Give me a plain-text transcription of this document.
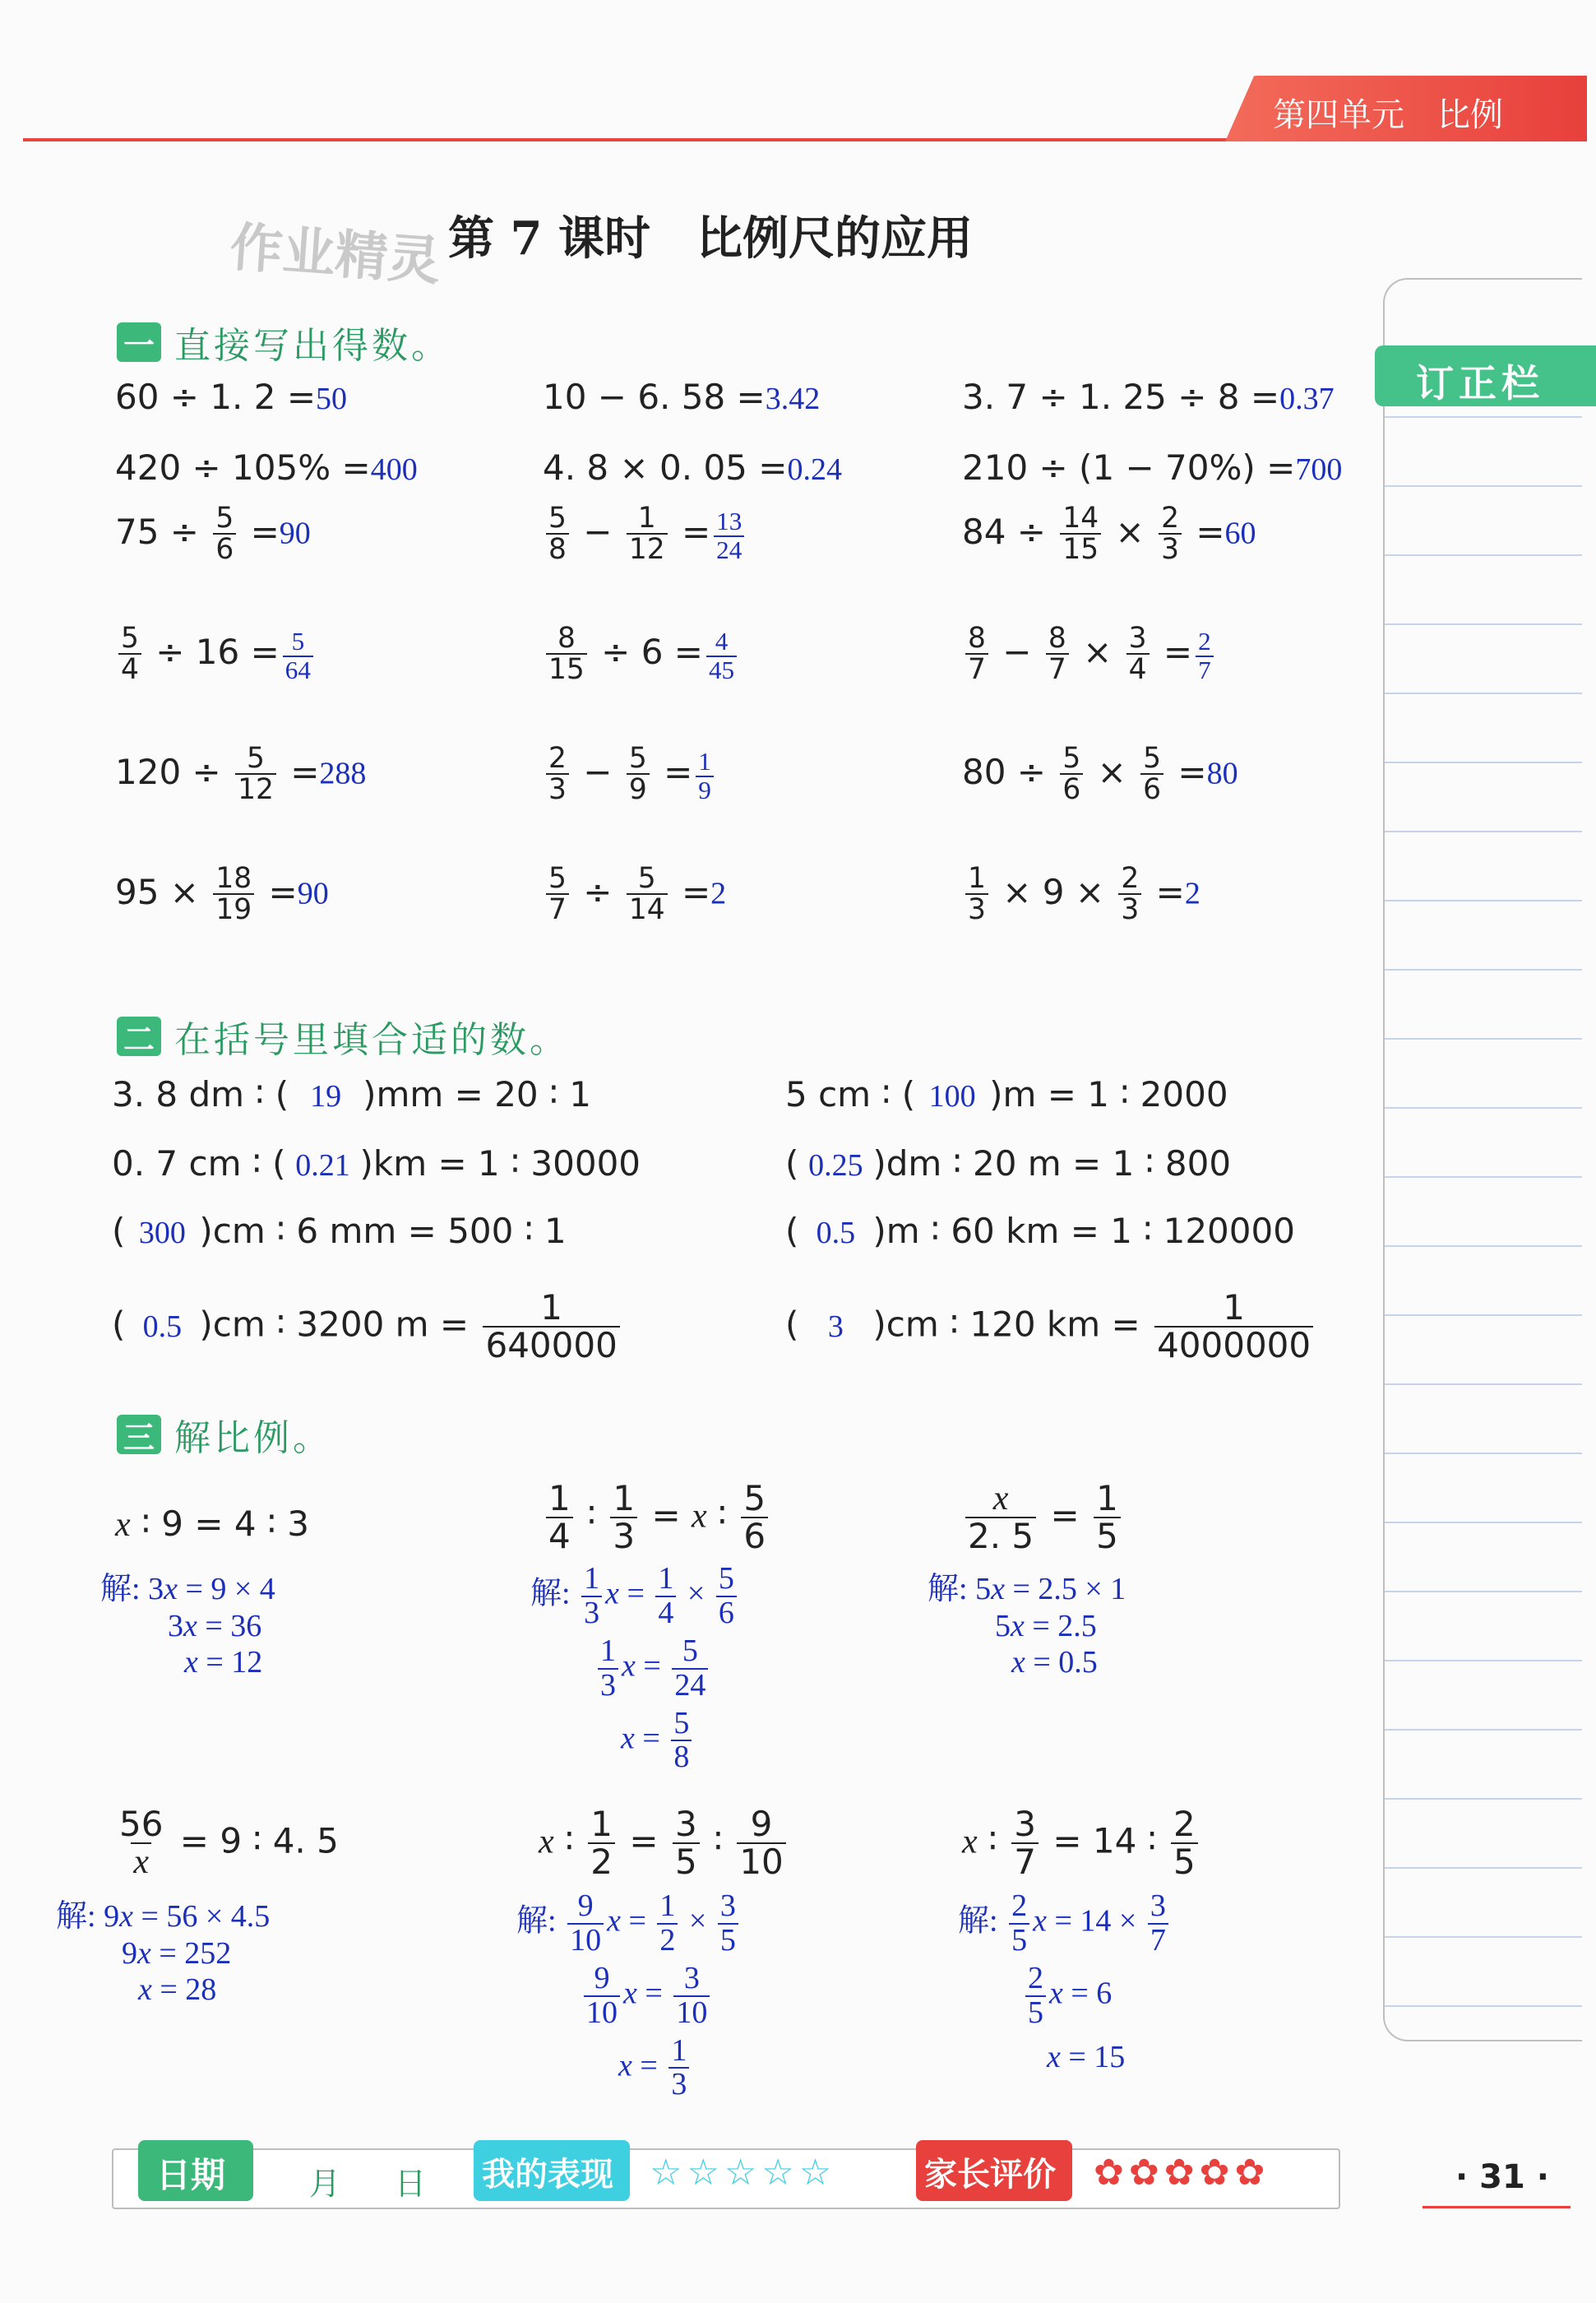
第四单元　比例
作业精灵 第 7 课时　比例尺的应用
订正栏
一 直接写出得数。
60 ÷ 1. 2 =50	10 − 6. 58 =3.42	3. 7 ÷ 1. 25 ÷ 8 =0.37
420 ÷ 105% =400	4. 8 × 0. 05 =0.24	210 ÷ (1 − 70%) =700
$75 \div \frac{5}{6} =90$	$\frac{5}{8} - \frac{1}{12} = \frac{13}{24}$	$84 \div \frac{14}{15} \times \frac{2}{3} =60$
$\frac{5}{4} \div 16 = \frac{5}{64}$	$\frac{8}{15} \div 6 = \frac{4}{45}$	$\frac{8}{7} - \frac{8}{7} \times \frac{3}{4} = \frac{2}{7}$
$120 \div \frac{5}{12} =288$	$\frac{2}{3} - \frac{5}{9} = \frac{1}{9}$	$80 \div \frac{5}{6} \times \frac{5}{6} =80$
$95 \times \frac{18}{19} =90$	$\frac{5}{7} \div \frac{5}{14} =2$	$\frac{1}{3} \times 9 \times \frac{2}{3} =2$
二 在括号里填合适的数。
3. 8 dm ∶ ( 19 )mm = 20 ∶ 1	5 cm ∶ ( 100 )m = 1 ∶ 2000
0. 7 cm ∶ ( 0.21 )km = 1 ∶ 30000	( 0.25 )dm ∶ 20 m = 1 ∶ 800
( 300 )cm ∶ 6 mm = 500 ∶ 1	( 0.5 )m ∶ 60 km = 1 ∶ 120000
( 0.5 )cm ∶ 3200 $m = \frac{1}{640000}$	( 3 )cm ∶ 120 km = $\frac{1}{4000000}$
三 解比例。
x ∶ 9 = 4 ∶ 3
解: 3x = 9 × 4
3x = 36
x = 12
$\frac{1}{4}$ ∶ $\frac{1}{3} = x$ ∶ $\frac{5}{6}$
解: $\frac{1}{3}$ $x = \frac{1}{4} \times \frac{5}{6}$
$\frac{1}{3}$ $x = \frac{5}{24}$
$x = \frac{5}{8}$
$\frac{x}{2. 5} = \frac{1}{5}$
解: 5x = 2.5 × 1
5x = 2.5
x = 0.5
$\frac{56}{x} = 9$ ∶ 4. 5
解: 9x = 56 × 4.5
9x = 252
x = 28
x ∶ $\frac{1}{2} = \frac{3}{5}$ ∶ $\frac{9}{10}$
解: $\frac{9}{10}$ $x = \frac{1}{2} \times \frac{3}{5}$
$\frac{9}{10}$ $x = \frac{3}{10}$
$x = \frac{1}{3}$
x ∶ $\frac{3}{7} = 14$ ∶ $\frac{2}{5}$
解: $\frac{2}{5}$ $x = 14 \times \frac{3}{7}$
$\frac{2}{5}$ x = 6
x = 15
日期	月 日 我的表现 ☆☆☆☆☆	家长评价 ✿✿✿✿✿	· 31 ·
